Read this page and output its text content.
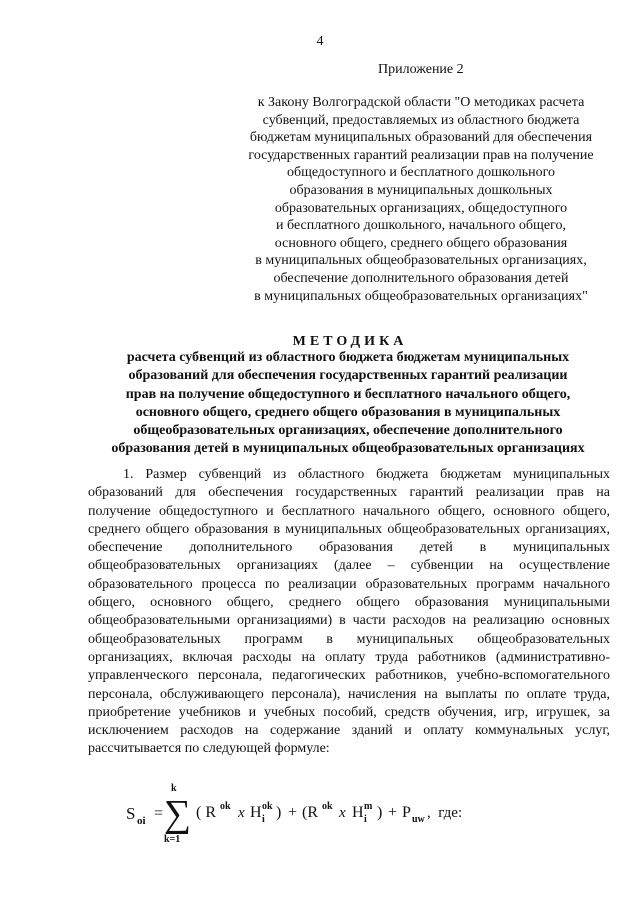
4
Приложение 2
к Закону Волгоградской области "О методиках расчета
субвенций, предоставляемых из областного бюджета
бюджетам муниципальных образований для обеспечения
государственных гарантий реализации прав на получение
общедоступного и бесплатного дошкольного
образования в муниципальных дошкольных
образовательных организациях, общедоступного
и бесплатного дошкольного, начального общего,
основного общего, среднего общего образования
в муниципальных общеобразовательных организациях,
обеспечение дополнительного образования детей
в муниципальных общеобразовательных организациях"
МЕТОДИКА
расчета субвенций из областного бюджета бюджетам муниципальных
образований для обеспечения государственных гарантий реализации
прав на получение общедоступного и бесплатного начального общего,
основного общего, среднего общего образования в муниципальных
общеобразовательных организациях, обеспечение дополнительного
образования детей в муниципальных общеобразовательных организациях

1. Размер субвенций из областного бюджета бюджетам муниципальных образований для обеспечения государственных гарантий реализации прав на получение общедоступного и бесплатного начального общего, основного общего, среднего общего образования в муниципальных общеобразовательных организациях, обеспечение дополнительного образования детей в муниципальных общеобразовательных организациях (далее – субвенции на осуществление образовательного процесса по реализации образовательных программ начального общего, основного общего, среднего общего образования муниципальными общеобразовательными организациями) в части расходов на реализацию основных общеобразовательных программ в муниципальных общеобразовательных организациях, включая расходы на оплату труда работников (административно-управленческого персонала, педагогических работников, учебно-вспомогательного персонала, обслуживающего персонала), начисления на выплаты по оплате труда, приобретение учебников и учебных пособий, средств обучения, игр, игрушек, за исключением расходов на содержание зданий и оплату коммунальных услуг, рассчитывается по следующей формуле:

S oi =
k
∑
k=1
( R ok x H ok
i ) + (R ok x H m
i ) + P uw ,  где:
